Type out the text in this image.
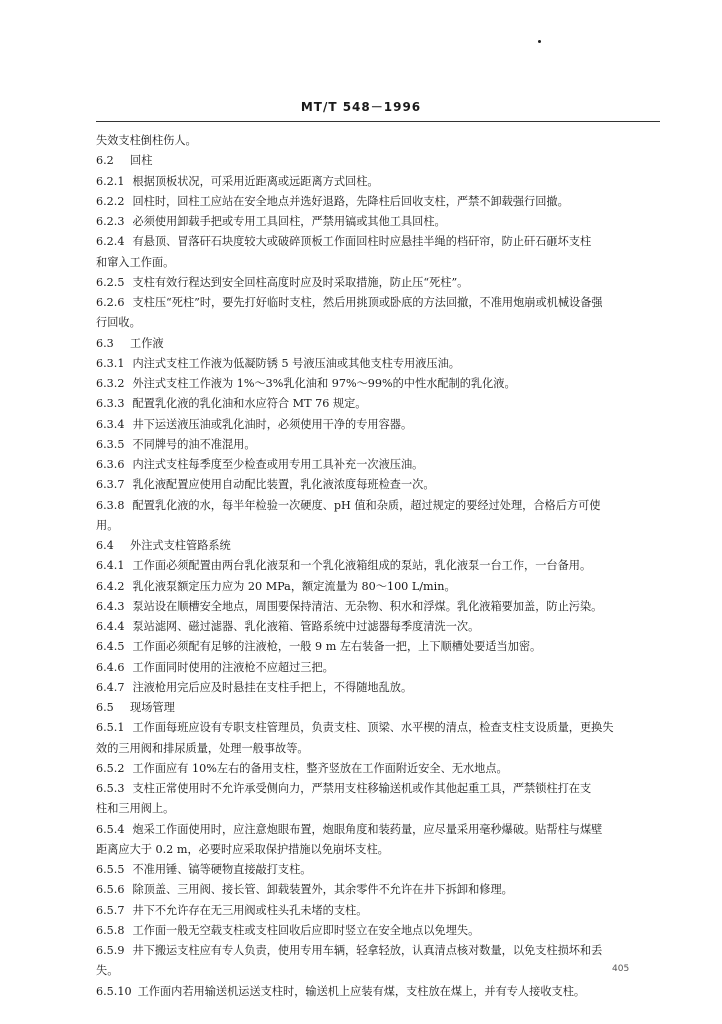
MT/T 548－1996
失效支柱倒柱伤人。
6.2 回柱
6.2.1 根据顶板状况，可采用近距离或远距离方式回柱。
6.2.2 回柱时，回柱工应站在安全地点并选好退路，先降柱后回收支柱，严禁不卸载强行回撤。
6.2.3 必须使用卸载手把或专用工具回柱，严禁用镐或其他工具回柱。
6.2.4 有悬顶、冒落矸石块度较大或破碎顶板工作面回柱时应悬挂半绳的档矸帘，防止矸石砸坏支柱
和窜入工作面。
6.2.5 支柱有效行程达到安全回柱高度时应及时采取措施，防止压“死柱”。
6.2.6 支柱压“死柱”时，要先打好临时支柱，然后用挑顶或卧底的方法回撤，不准用炮崩或机械设备强
行回收。
6.3 工作液
6.3.1 内注式支柱工作液为低凝防锈 5 号液压油或其他支柱专用液压油。
6.3.2 外注式支柱工作液为 1%～3%乳化油和 97%～99%的中性水配制的乳化液。
6.3.3 配置乳化液的乳化油和水应符合 MT 76 规定。
6.3.4 井下运送液压油或乳化油时，必须使用干净的专用容器。
6.3.5 不同牌号的油不准混用。
6.3.6 内注式支柱每季度至少检查或用专用工具补充一次液压油。
6.3.7 乳化液配置应使用自动配比装置，乳化液浓度每班检查一次。
6.3.8 配置乳化液的水，每半年检验一次硬度、pH 值和杂质，超过规定的要经过处理，合格后方可使
用。
6.4 外注式支柱管路系统
6.4.1 工作面必须配置由两台乳化液泵和一个乳化液箱组成的泵站，乳化液泵一台工作，一台备用。
6.4.2 乳化液泵额定压力应为 20 MPa，额定流量为 80～100 L/min。
6.4.3 泵站设在顺槽安全地点，周围要保持清洁、无杂物、积水和浮煤。乳化液箱要加盖，防止污染。
6.4.4 泵站滤网、磁过滤器、乳化液箱、管路系统中过滤器每季度清洗一次。
6.4.5 工作面必须配有足够的注液枪，一般 9 m 左右装备一把，上下顺槽处要适当加密。
6.4.6 工作面同时使用的注液枪不应超过三把。
6.4.7 注液枪用完后应及时悬挂在支柱手把上，不得随地乱放。
6.5 现场管理
6.5.1 工作面每班应设有专职支柱管理员，负责支柱、顶梁、水平楔的清点，检查支柱支设质量，更换失
效的三用阀和排尿质量，处理一般事故等。
6.5.2 工作面应有 10%左右的备用支柱，整齐竖放在工作面附近安全、无水地点。
6.5.3 支柱正常使用时不允许承受侧向力，严禁用支柱移输送机或作其他起重工具，严禁锁柱打在支
柱和三用阀上。
6.5.4 炮采工作面使用时，应注意炮眼布置，炮眼角度和装药量，应尽量采用毫秒爆破。贴帮柱与煤壁
距离应大于 0.2 m，必要时应采取保护措施以免崩坏支柱。
6.5.5 不准用锤、镐等硬物直接敲打支柱。
6.5.6 除顶盖、三用阀、接长管、卸载装置外，其余零件不允许在井下拆卸和修理。
6.5.7 井下不允许存在无三用阀或柱头孔未堵的支柱。
6.5.8 工作面一般无空载支柱或支柱回收后应即时竖立在安全地点以免埋失。
6.5.9 井下搬运支柱应有专人负责，使用专用车辆，轻拿轻放，认真清点核对数量，以免支柱损坏和丢
失。
6.5.10 工作面内若用输送机运送支柱时，输送机上应装有煤，支柱放在煤上，并有专人接收支柱。
405
